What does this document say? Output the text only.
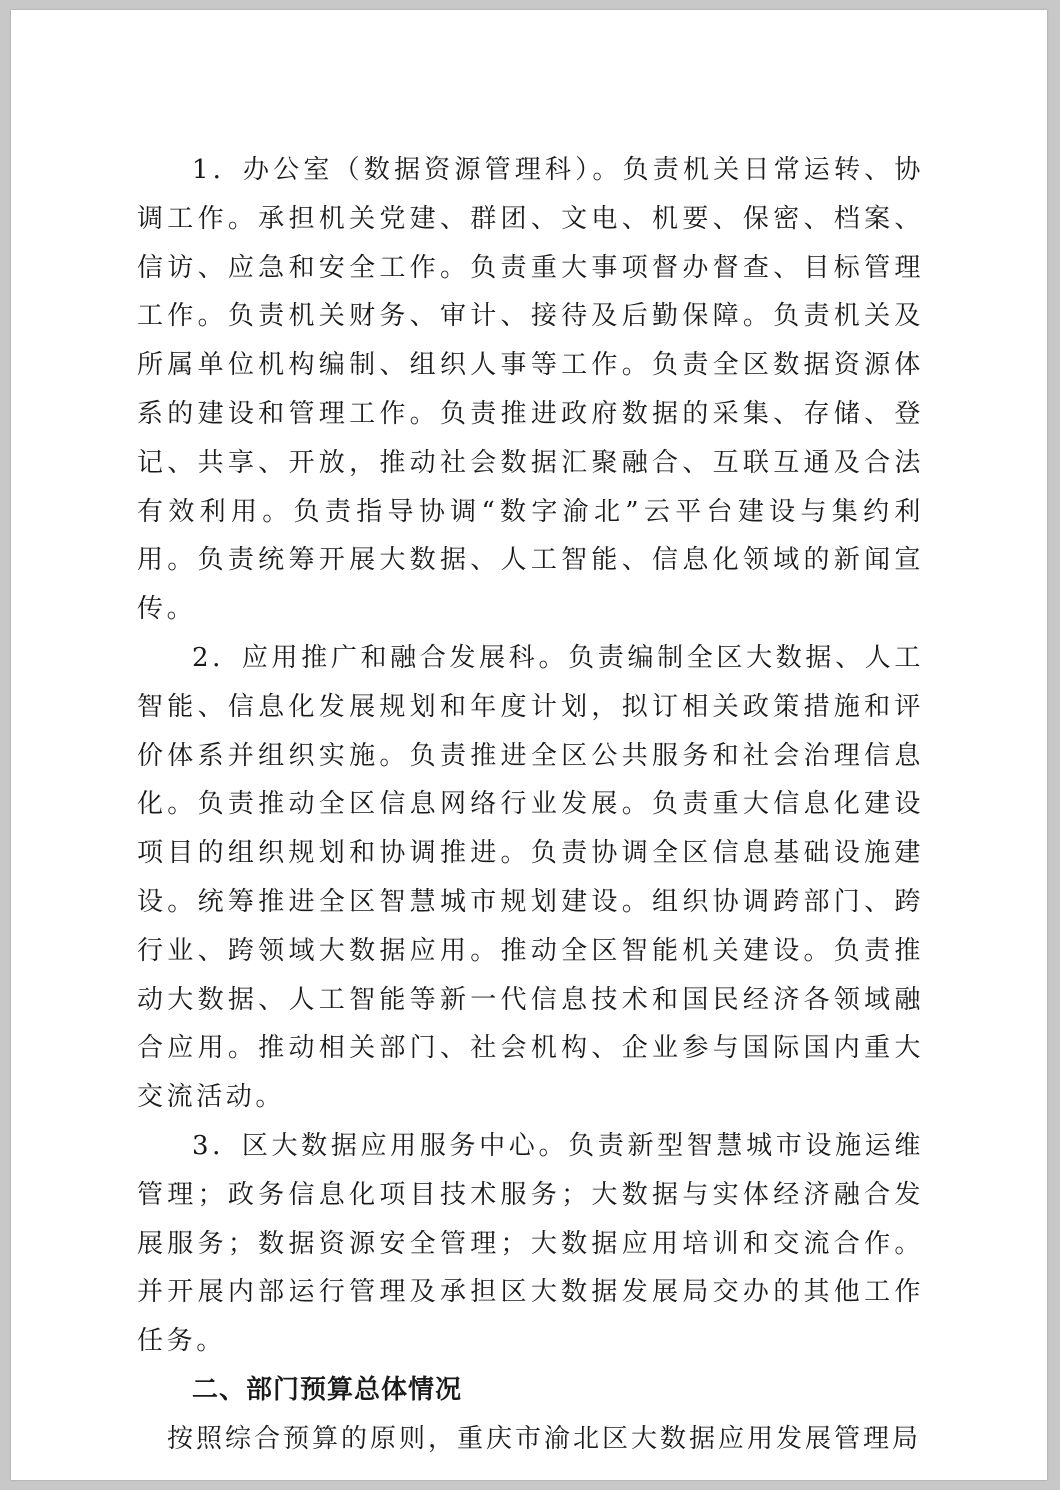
1．办公室（数据资源管理科）。负责机关日常运转、协调工作。承担机关党建、群团、文电、机要、保密、档案、信访、应急和安全工作。负责重大事项督办督查、目标管理工作。负责机关财务、审计、接待及后勤保障。负责机关及所属单位机构编制、组织人事等工作。负责全区数据资源体系的建设和管理工作。负责推进政府数据的采集、存储、登记、共享、开放，推动社会数据汇聚融合、互联互通及合法有效利用。负责指导协调“数字渝北”云平台建设与集约利用。负责统筹开展大数据、人工智能、信息化领域的新闻宣传。

2．应用推广和融合发展科。负责编制全区大数据、人工智能、信息化发展规划和年度计划，拟订相关政策措施和评价体系并组织实施。负责推进全区公共服务和社会治理信息化。负责推动全区信息网络行业发展。负责重大信息化建设项目的组织规划和协调推进。负责协调全区信息基础设施建设。统筹推进全区智慧城市规划建设。组织协调跨部门、跨行业、跨领域大数据应用。推动全区智能机关建设。负责推动大数据、人工智能等新一代信息技术和国民经济各领域融合应用。推动相关部门、社会机构、企业参与国际国内重大交流活动。

3．区大数据应用服务中心。负责新型智慧城市设施运维管理；政务信息化项目技术服务；大数据与实体经济融合发展服务；数据资源安全管理；大数据应用培训和交流合作。并开展内部运行管理及承担区大数据发展局交办的其他工作任务。

二、部门预算总体情况

按照综合预算的原则，重庆市渝北区大数据应用发展管理局
